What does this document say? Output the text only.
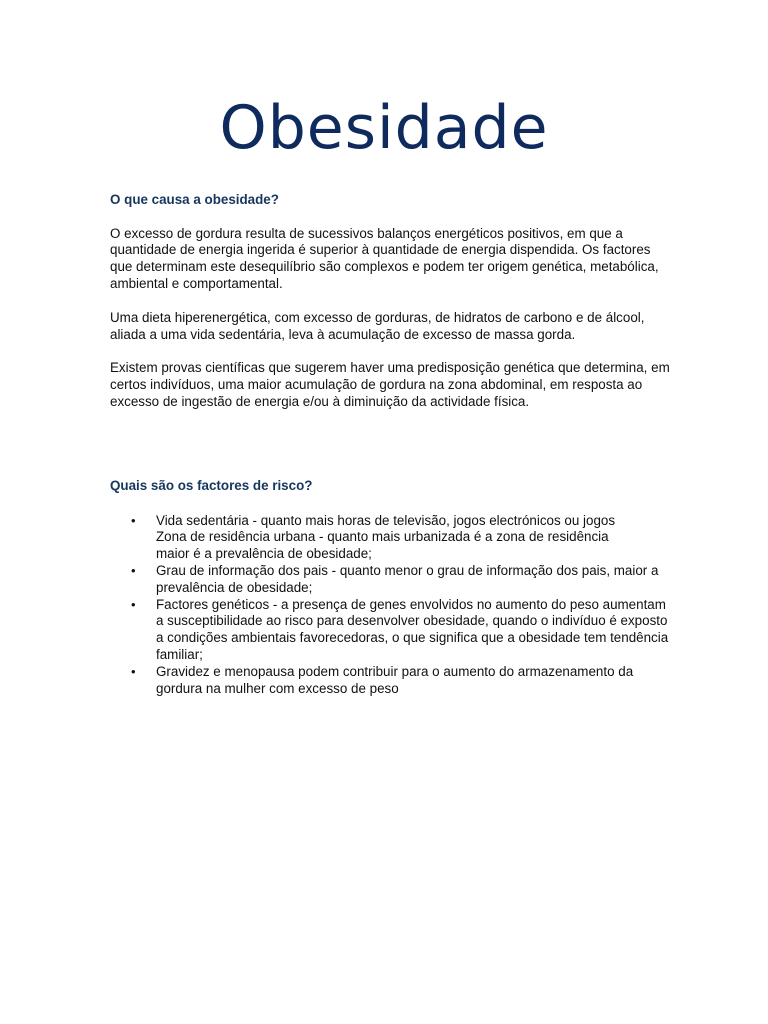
Obesidade
O que causa a obesidade?

O excesso de gordura resulta de sucessivos balanços energéticos positivos, em que a quantidade de energia ingerida é superior à quantidade de energia dispendida. Os factores que determinam este desequilíbrio são complexos e podem ter origem genética, metabólica, ambiental e comportamental.

Uma dieta hiperenergética, com excesso de gorduras, de hidratos de carbono e de álcool, aliada a uma vida sedentária, leva à acumulação de excesso de massa gorda.

Existem provas científicas que sugerem haver uma predisposição genética que determina, em certos indivíduos, uma maior acumulação de gordura na zona abdominal, em resposta ao excesso de ingestão de energia e/ou à diminuição da actividade física.

Quais são os factores de risco?
•	Vida sedentária - quanto mais horas de televisão, jogos electrónicos ou jogos
Zona de residência urbana - quanto mais urbanizada é a zona de residência
maior é a prevalência de obesidade;
•	Grau de informação dos pais - quanto menor o grau de informação dos pais, maior a prevalência de obesidade;
•	Factores genéticos - a presença de genes envolvidos no aumento do peso aumentam a susceptibilidade ao risco para desenvolver obesidade, quando o indivíduo é exposto a condições ambientais favorecedoras, o que significa que a obesidade tem tendência familiar;
•	Gravidez e menopausa podem contribuir para o aumento do armazenamento da gordura na mulher com excesso de peso
